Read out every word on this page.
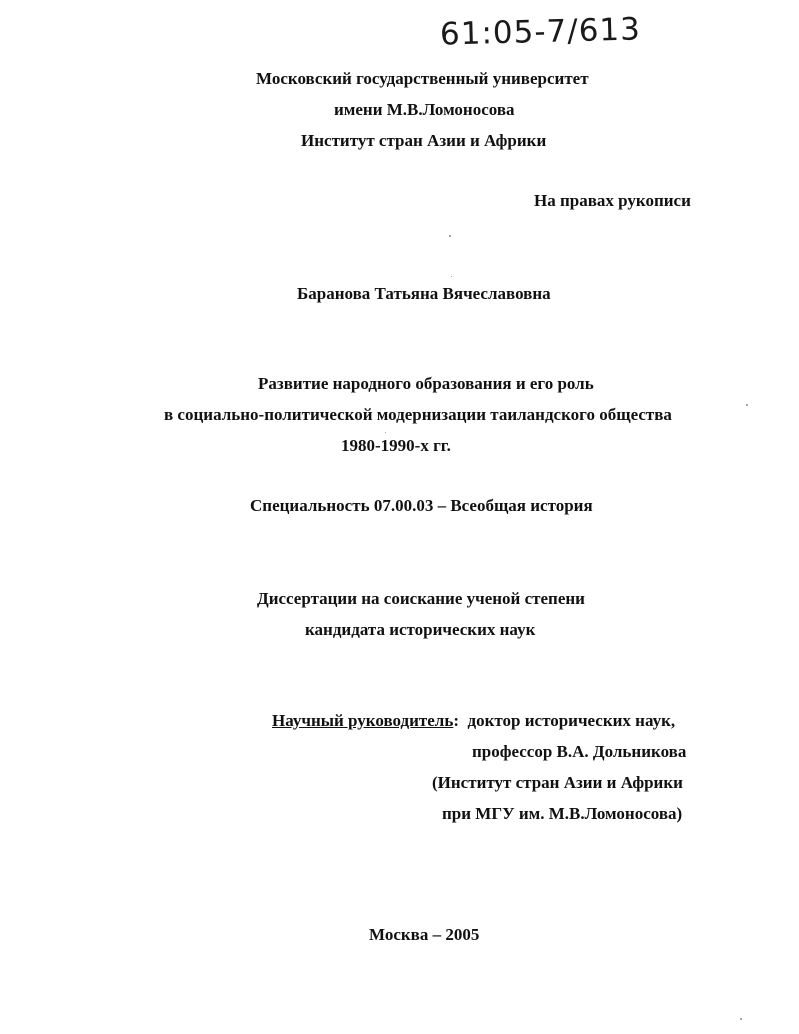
61:05-7/613
Московский государственный университет
имени М.В.Ломоносова
Институт стран Азии и Африки
На правах рукописи
Баранова Татьяна Вячеславовна
Развитие народного образования и его роль
в социально-политической модернизации таиландского общества
1980-1990-х гг.
Специальность 07.00.03 – Всеобщая история
Диссертации на соискание ученой степени
кандидата исторических наук
Научный руководитель: доктор исторических наук,
профессор В.А. Дольникова
(Институт стран Азии и Африки
при МГУ им. М.В.Ломоносова)
Москва – 2005
